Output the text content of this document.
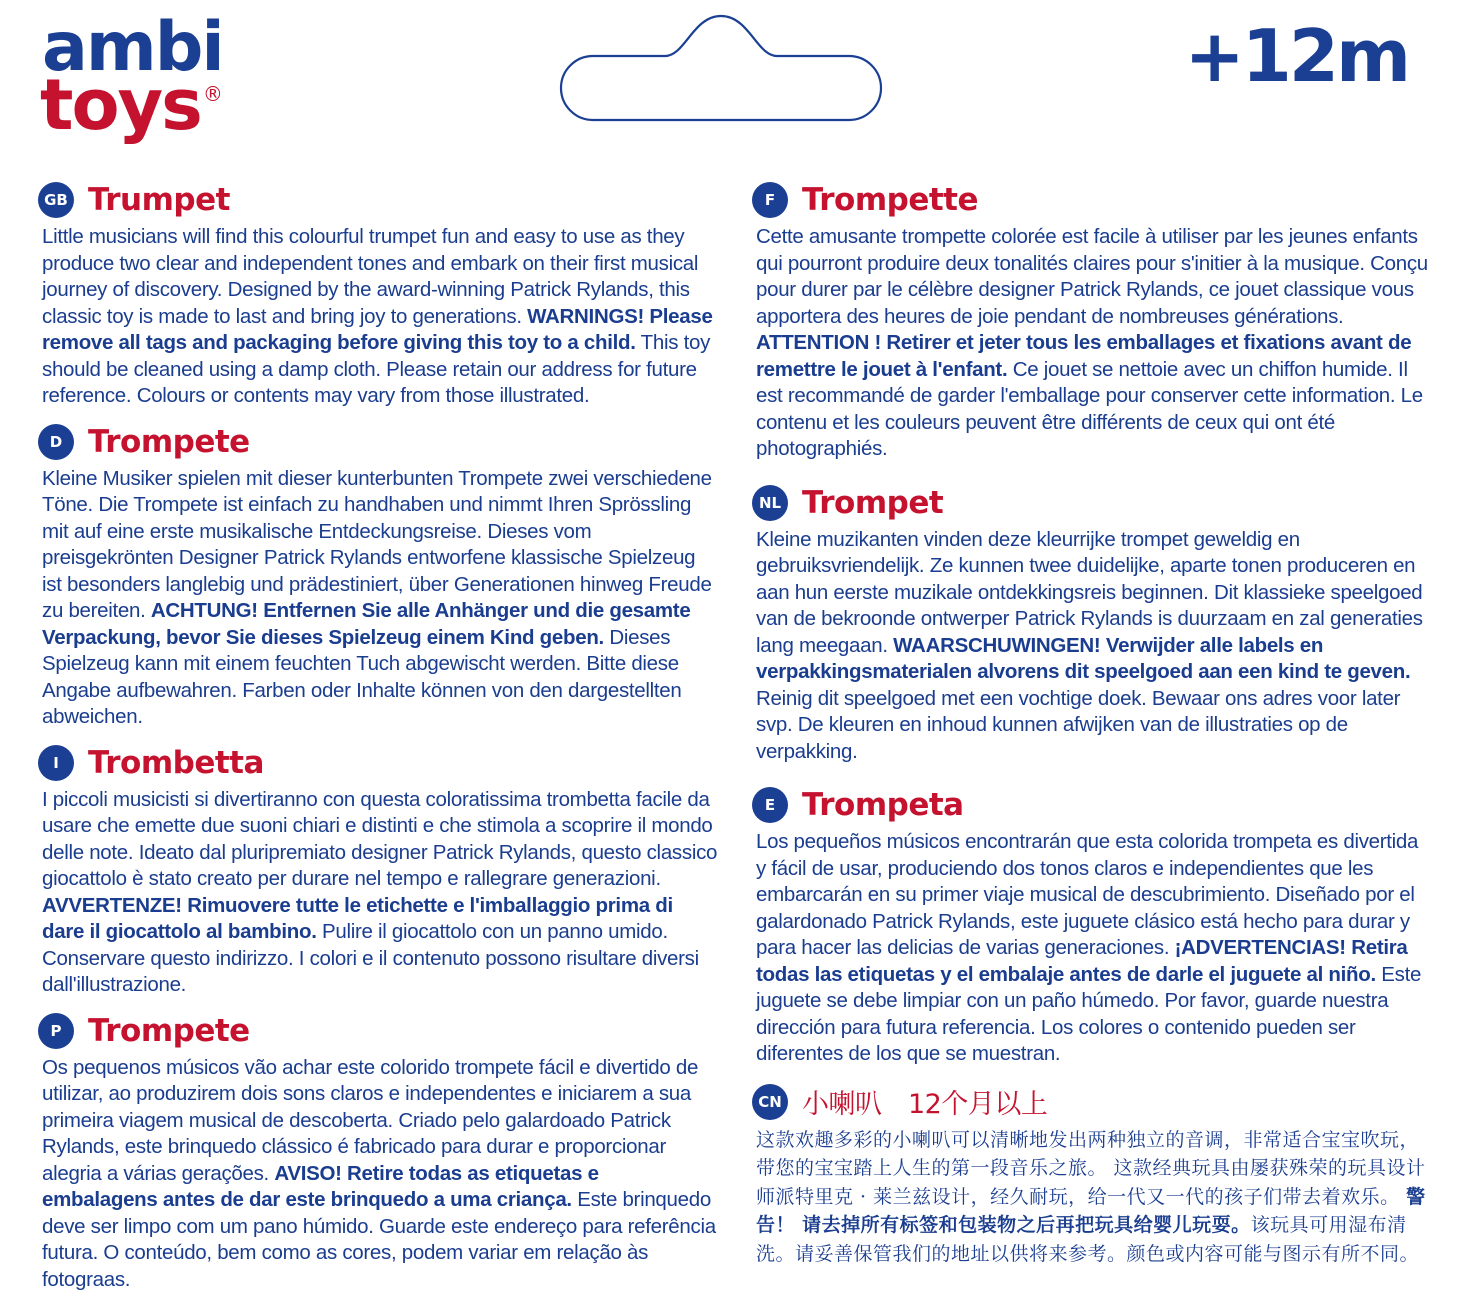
ambi
toys ®	+12m
GB Trumpet
Little musicians will find this colourful trumpet fun and easy to use as they produce two clear and independent tones and embark on their first musical journey of discovery. Designed by the award-winning Patrick Rylands, this classic toy is made to last and bring joy to generations. WARNINGS! Please remove all tags and packaging before giving this toy to a child. This toy should be cleaned using a damp cloth. Please retain our address for future reference. Colours or contents may vary from those illustrated.
D Trompete
Kleine Musiker spielen mit dieser kunterbunten Trompete zwei verschiedene Töne. Die Trompete ist einfach zu handhaben und nimmt Ihren Sprössling mit auf eine erste musikalische Entdeckungsreise. Dieses vom preisgekrönten Designer Patrick Rylands entworfene klassische Spielzeug ist besonders langlebig und prädestiniert, über Generationen hinweg Freude zu bereiten. ACHTUNG! Entfernen Sie alle Anhänger und die gesamte Verpackung, bevor Sie dieses Spielzeug einem Kind geben. Dieses Spielzeug kann mit einem feuchten Tuch abgewischt werden. Bitte diese Angabe aufbewahren. Farben oder Inhalte können von den dargestellten abweichen.
I Trombetta
I piccoli musicisti si divertiranno con questa coloratissima trombetta facile da usare che emette due suoni chiari e distinti e che stimola a scoprire il mondo delle note. Ideato dal pluripremiato designer Patrick Rylands, questo classico giocattolo è stato creato per durare nel tempo e rallegrare generazioni. AVVERTENZE! Rimuovere tutte le etichette e l'imballaggio prima di dare il giocattolo al bambino. Pulire il giocattolo con un panno umido. Conservare questo indirizzo. I colori e il contenuto possono risultare diversi dall'illustrazione.
P Trompete
Os pequenos músicos vão achar este colorido trompete fácil e divertido de utilizar, ao produzirem dois sons claros e independentes e iniciarem a sua primeira viagem musical de descoberta. Criado pelo galardoado Patrick Rylands, este brinquedo clássico é fabricado para durar e proporcionar alegria a várias gerações. AVISO! Retire todas as etiquetas e embalagens antes de dar este brinquedo a uma criança. Este brinquedo deve ser limpo com um pano húmido. Guarde este endereço para referência futura. O conteúdo, bem como as cores, podem variar em relação às fotograas.
F Trompette
Cette amusante trompette colorée est facile à utiliser par les jeunes enfants qui pourront produire deux tonalités claires pour s'initier à la musique. Conçu pour durer par le célèbre designer Patrick Rylands, ce jouet classique vous apportera des heures de joie pendant de nombreuses générations. ATTENTION ! Retirer et jeter tous les emballages et fixations avant de remettre le jouet à l'enfant. Ce jouet se nettoie avec un chiffon humide. Il est recommandé de garder l'emballage pour conserver cette information. Le contenu et les couleurs peuvent être différents de ceux qui ont été photographiés.
NL Trompet
Kleine muzikanten vinden deze kleurrijke trompet geweldig en gebruiksvriendelijk. Ze kunnen twee duidelijke, aparte tonen produceren en aan hun eerste muzikale ontdekkingsreis beginnen. Dit klassieke speelgoed van de bekroonde ontwerper Patrick Rylands is duurzaam en zal generaties lang meegaan. WAARSCHUWINGEN! Verwijder alle labels en verpakkingsmaterialen alvorens dit speelgoed aan een kind te geven. Reinig dit speelgoed met een vochtige doek. Bewaar ons adres voor later svp. De kleuren en inhoud kunnen afwijken van de illustraties op de verpakking.
E Trompeta
Los pequeños músicos encontrarán que esta colorida trompeta es divertida y fácil de usar, produciendo dos tonos claros e independientes que les embarcarán en su primer viaje musical de descubrimiento. Diseñado por el galardonado Patrick Rylands, este juguete clásico está hecho para durar y para hacer las delicias de varias generaciones. ¡ADVERTENCIAS! Retira todas las etiquetas y el embalaje antes de darle el juguete al niño. Este juguete se debe limpiar con un paño húmedo. Por favor, guarde nuestra dirección para futura referencia. Los colores o contenido pueden ser diferentes de los que se muestran.
CN 小喇叭　12个月以上
这款欢趣多彩的小喇叭可以清晰地发出两种独立的音调，非常适合宝宝吹玩，带您的宝宝踏上人生的第一段音乐之旅。 这款经典玩具由屡获殊荣的玩具设计师派特里克 · 莱兰兹设计，经久耐玩，给一代又一代的孩子们带去着欢乐。 警告！ 请去掉所有标签和包装物之后再把玩具给婴儿玩耍。该玩具可用湿布清洗。请妥善保管我们的地址以供将来参考。颜色或内容可能与图示有所不同。
